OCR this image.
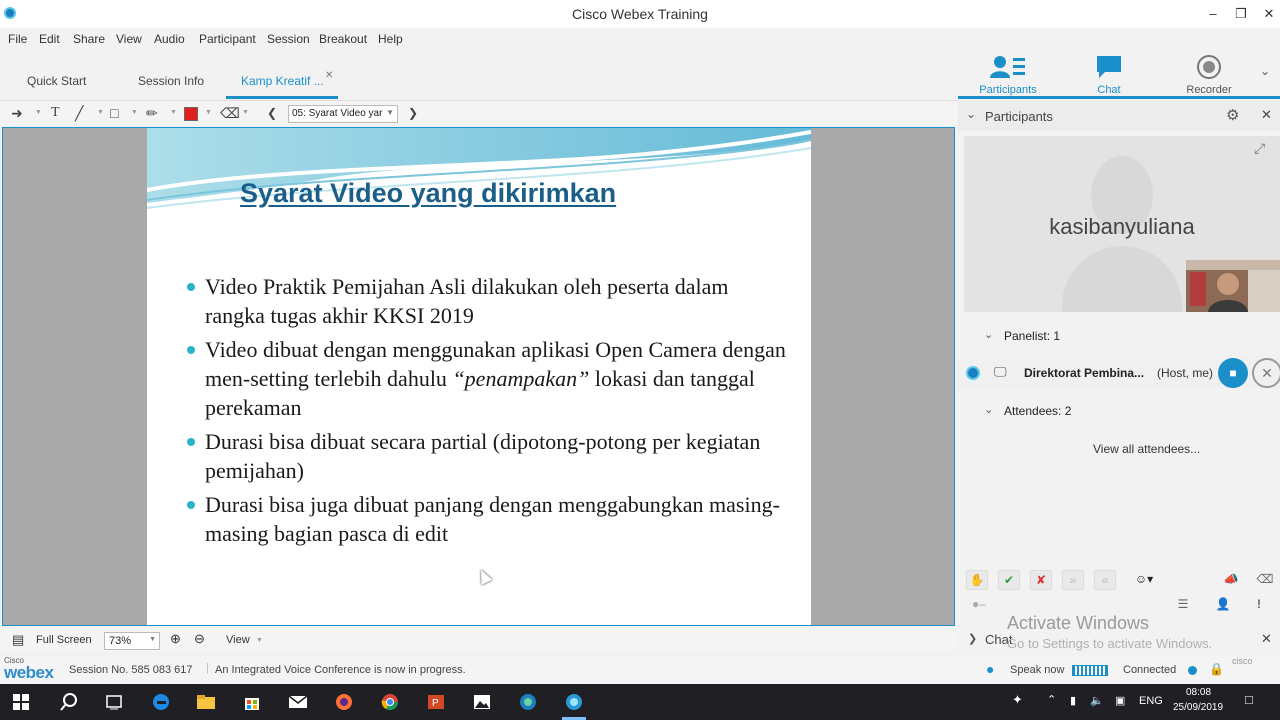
Cisco Webex Training	–	❐	✕
File Edit Share View Audio Participant Session Breakout Help
Quick Start	Session Info	Kamp Kreatif ... ✕
➜ ▼ T ╱ ▼ □ ▼ ✏ ▼	▼ ⌫ ▼ ❮	05: Syarat Video yar ▼ ❯
Syarat Video yang dikirimkan
Video Praktik Pemijahan Asli dilakukan oleh peserta dalam rangka tugas akhir KKSI 2019
Video dibuat dengan menggunakan aplikasi Open Camera dengan men-setting terlebih dahulu “penampakan” lokasi dan tanggal perekaman
Durasi bisa dibuat secara partial (dipotong-potong per kegiatan pemijahan)
Durasi bisa juga dibuat panjang dengan menggabungkan masing-masing bagian pasca di edit
▤ Full Screen	73%	▼ ⊕ ⊖ View ▼
Cisco
webex Session No. 585 083 617 | An Integrated Voice Conference is now in progress.	● Speak now	Connected	🔒
cisco
Participants	Chat	Recorder
⌄
⌄ Participants	⚙ ✕
kasibanyuliana
⤢
⌄ Panelist: 1
🖵 Direktorat Pembina... (Host, me)	■	✕
⌄ Attendees: 2
View all attendees...
✋	✔	✘	»	«	☺▾	📣	⌫
●–	☰	👤	!
❯ Chat	✕
Activate Windows
Go to Settings to activate Windows.
P	✦ ⌃ ▮ 🔈 ▣ ENG
08:08
25/09/2019
□
